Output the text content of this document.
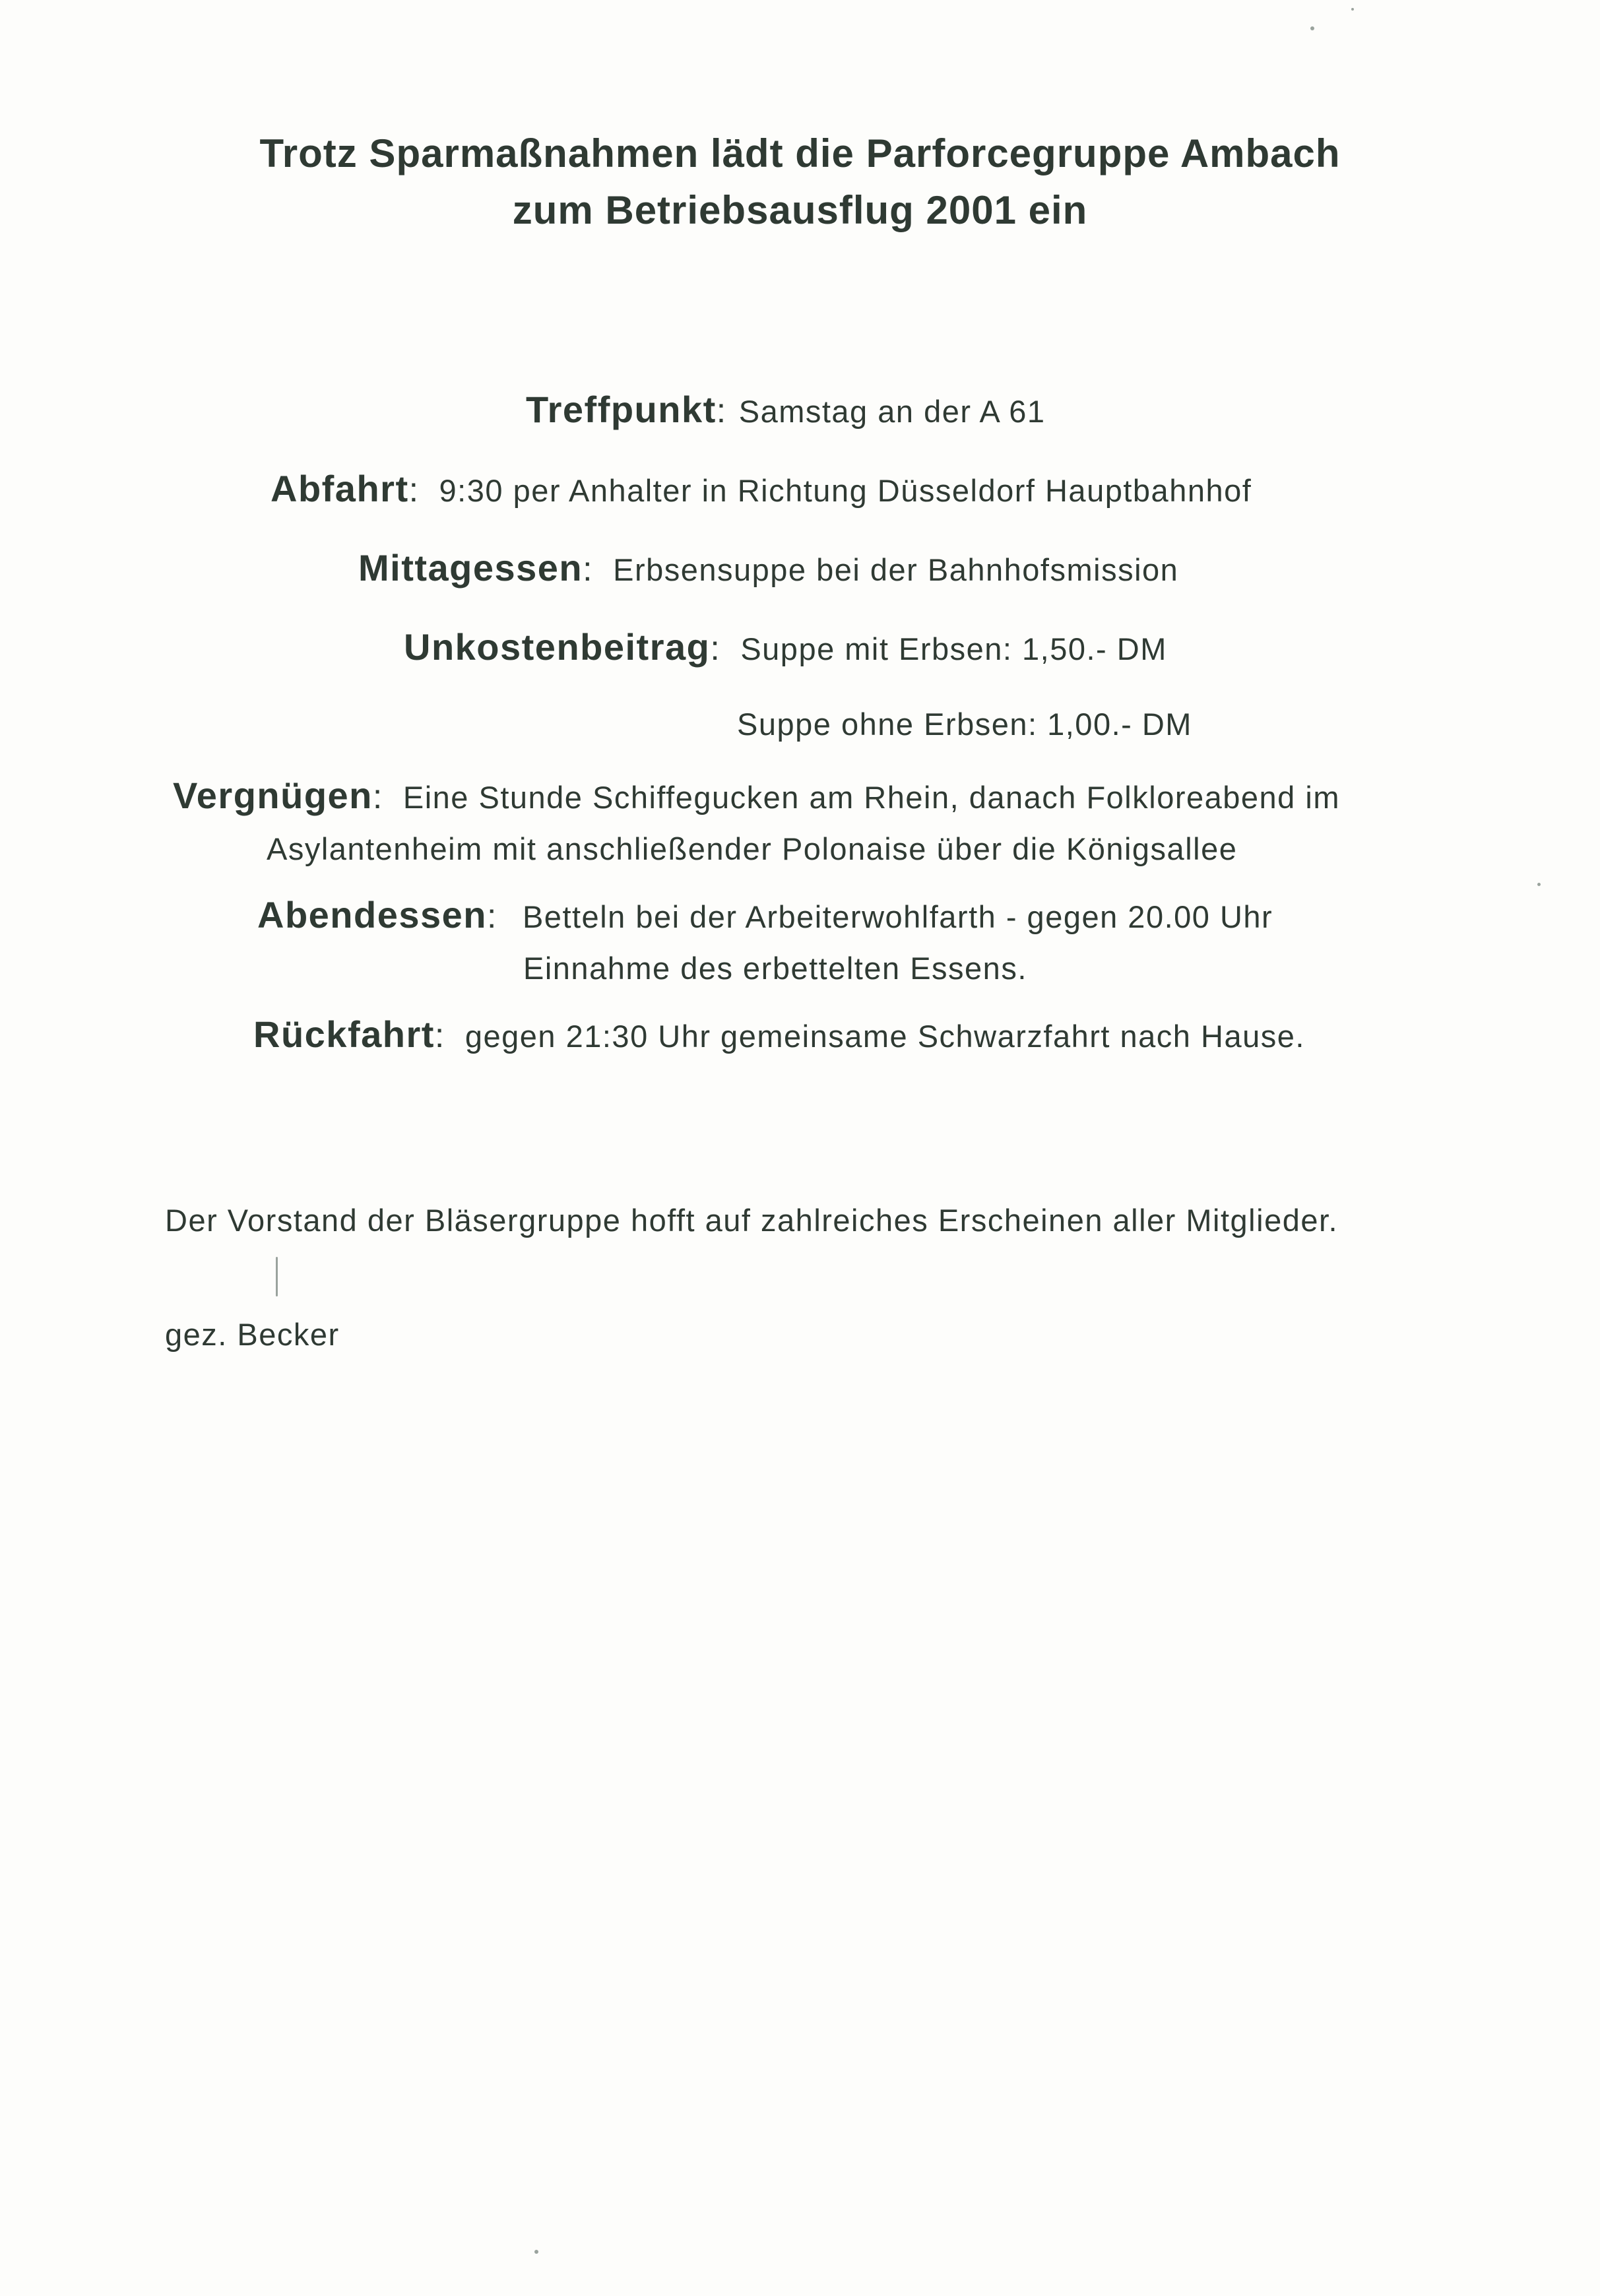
Trotz Sparmaßnahmen lädt die Parforcegruppe Ambach
zum Betriebsausflug 2001 ein
Treffpunkt: Samstag an der A 61
Abfahrt: 9:30 per Anhalter in Richtung Düsseldorf Hauptbahnhof
Mittagessen: Erbsensuppe bei der Bahnhofsmission
Unkostenbeitrag: Suppe mit Erbsen: 1,50.- DM
Suppe ohne Erbsen: 1,00.- DM
Vergnügen: Eine Stunde Schiffegucken am Rhein, danach Folkloreabend im
Asylantenheim mit anschließender Polonaise über die Königsallee
Abendessen: Betteln bei der Arbeiterwohlfarth - gegen 20.00 Uhr
Einnahme des erbettelten Essens.
Rückfahrt: gegen 21:30 Uhr gemeinsame Schwarzfahrt nach Hause.
Der Vorstand der Bläsergruppe hofft auf zahlreiches Erscheinen aller Mitglieder.
gez. Becker
